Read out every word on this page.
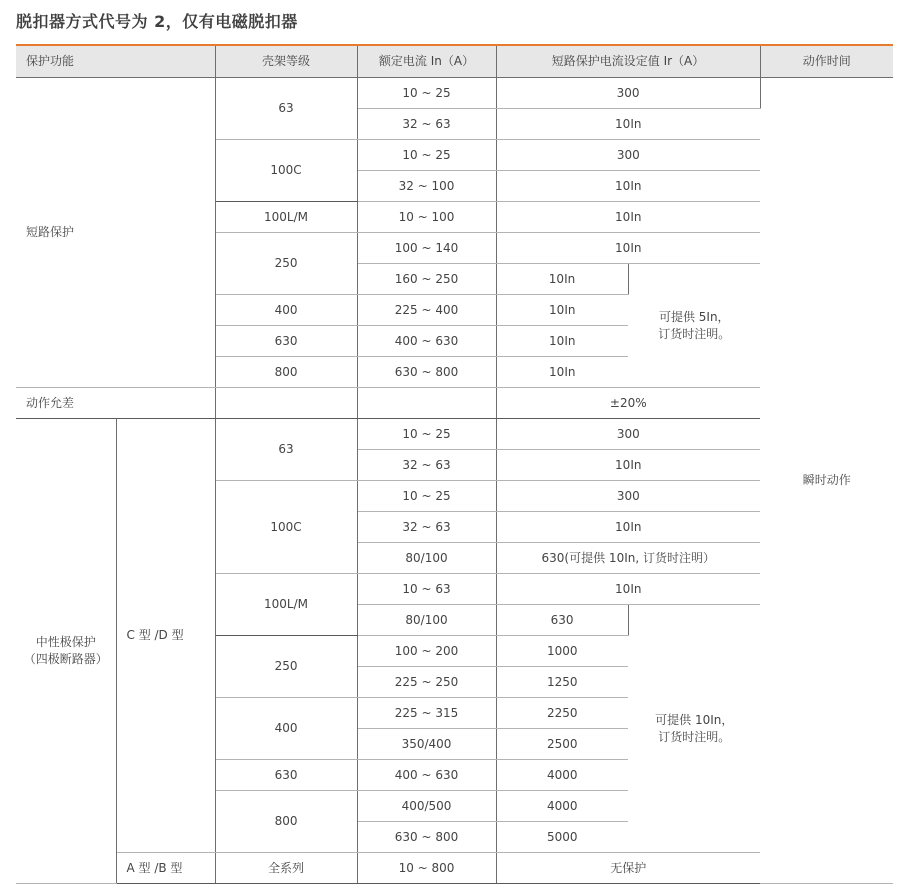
脱扣器方式代号为 2，仅有电磁脱扣器
保护功能		壳架等级	额定电流 In（A）	短路保护电流设定值 Ir（A）		动作时间
短路保护		63	10 ~ 25	300		瞬时动作
			32 ~ 63	10In		
		100C	10 ~ 25	300		
			32 ~ 100	10In		
		100L/M	10 ~ 100	10In		
		250	100 ~ 140	10In		
			160 ~ 250	10In	可提供 5In，
订货时注明。	
		400	225 ~ 400	10In		
		630	400 ~ 630	10In		
		800	630 ~ 800	10In		
动作允差				±20%		
中性极保护
（四极断路器）	C 型 /D 型	63	10 ~ 25	300		
			32 ~ 63	10In		
		100C	10 ~ 25	300		
			32 ~ 63	10In		
			80/100	630(可提供 10In, 订货时注明）		
		100L/M	10 ~ 63	10In		
			80/100	630	可提供 10In，
订货时注明。	
		250	100 ~ 200	1000		
			225 ~ 250	1250		
		400	225 ~ 315	2250		
			350/400	2500		
		630	400 ~ 630	4000		
		800	400/500	4000		
			630 ~ 800	5000		
	A 型 /B 型	全系列	10 ~ 800	无保护		
